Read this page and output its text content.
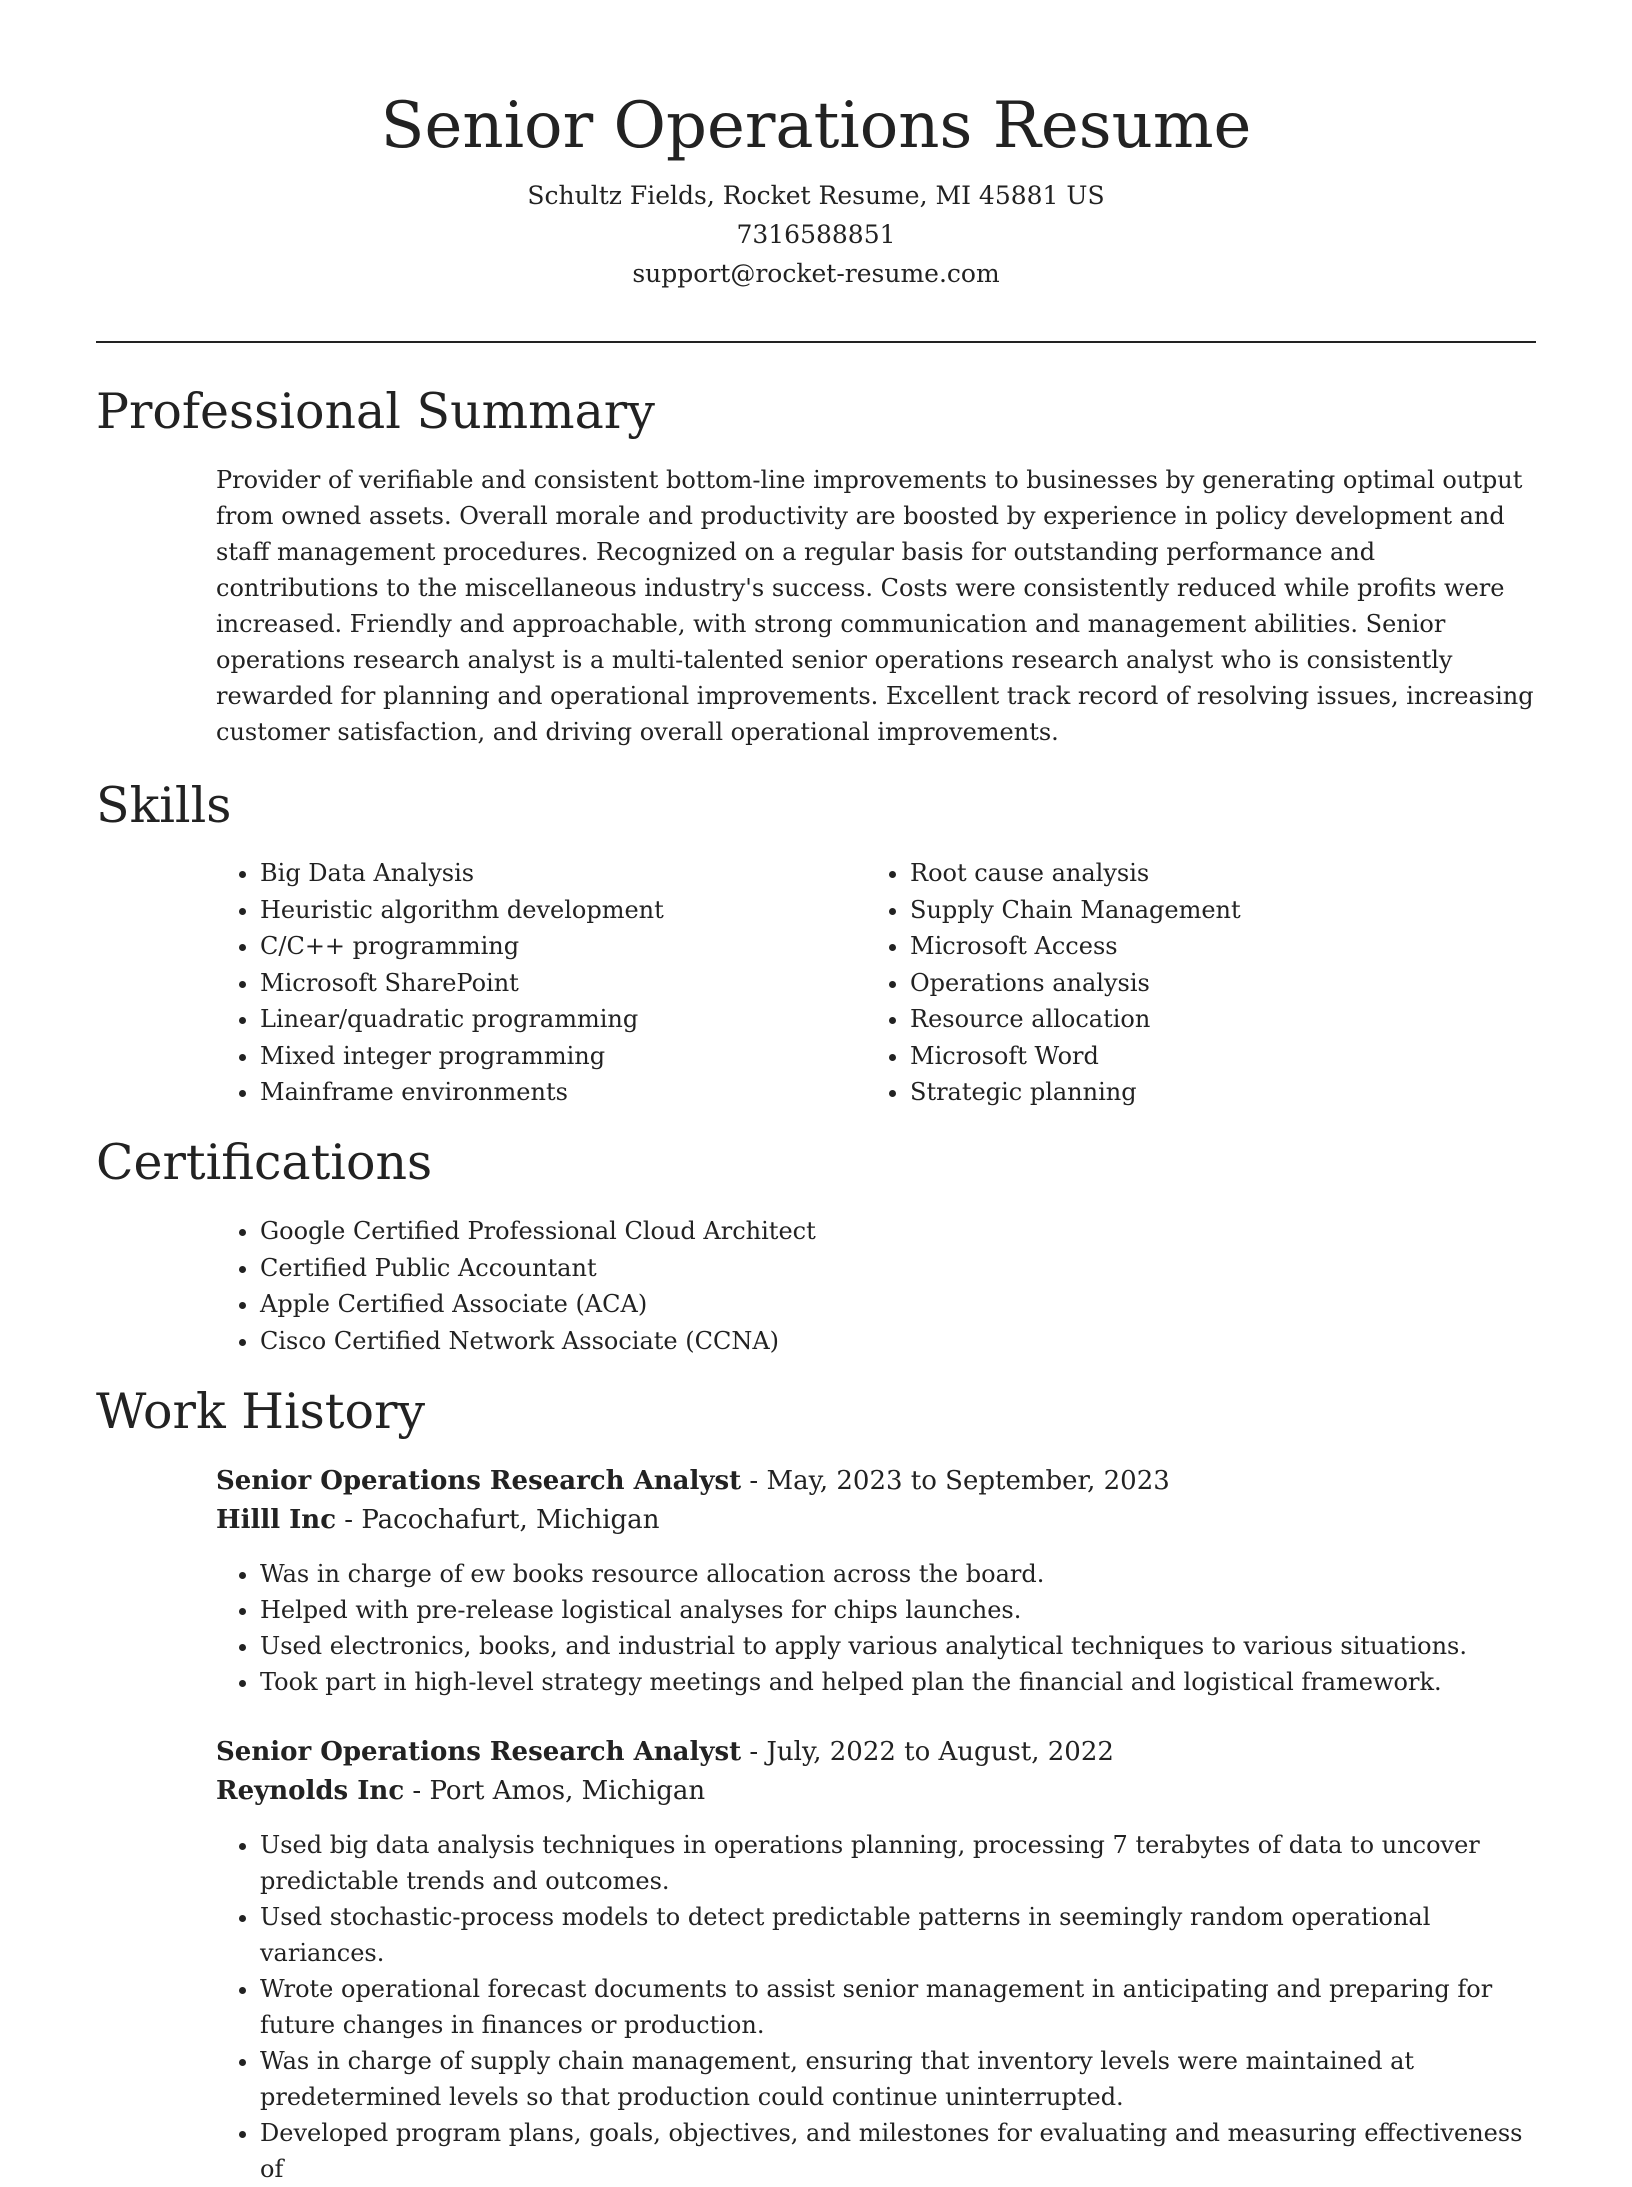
Senior Operations Resume
Schultz Fields, Rocket Resume, MI 45881 US
7316588851
support@rocket-resume.com
Professional Summary

Provider of verifiable and consistent bottom-line improvements to businesses by generating optimal output from owned assets. Overall morale and productivity are boosted by experience in policy development and staff management procedures. Recognized on a regular basis for outstanding performance and contributions to the miscellaneous industry's success. Costs were consistently reduced while profits were increased. Friendly and approachable, with strong communication and management abilities. Senior operations research analyst is a multi-talented senior operations research analyst who is consistently rewarded for planning and operational improvements. Excellent track record of resolving issues, increasing customer satisfaction, and driving overall operational improvements.

Skills
• Big Data Analysis
• Heuristic algorithm development
• C/C++ programming
• Microsoft SharePoint
• Linear/quadratic programming
• Mixed integer programming
• Mainframe environments
• Root cause analysis
• Supply Chain Management
• Microsoft Access
• Operations analysis
• Resource allocation
• Microsoft Word
• Strategic planning
Certifications
• Google Certified Professional Cloud Architect
• Certified Public Accountant
• Apple Certified Associate (ACA)
• Cisco Certified Network Associate (CCNA)
Work History
Senior Operations Research Analyst - May, 2023 to September, 2023
Hilll Inc - Pacochafurt, Michigan
• Was in charge of ew books resource allocation across the board.
• Helped with pre-release logistical analyses for chips launches.
• Used electronics, books, and industrial to apply various analytical techniques to various situations.
• Took part in high-level strategy meetings and helped plan the financial and logistical framework.
Senior Operations Research Analyst - July, 2022 to August, 2022
Reynolds Inc - Port Amos, Michigan
• Used big data analysis techniques in operations planning, processing 7 terabytes of data to uncover predictable trends and outcomes.
• Used stochastic-process models to detect predictable patterns in seemingly random operational variances.
• Wrote operational forecast documents to assist senior management in anticipating and preparing for future changes in finances or production.
• Was in charge of supply chain management, ensuring that inventory levels were maintained at predetermined levels so that production could continue uninterrupted.
• Developed program plans, goals, objectives, and milestones for evaluating and measuring effectiveness of
